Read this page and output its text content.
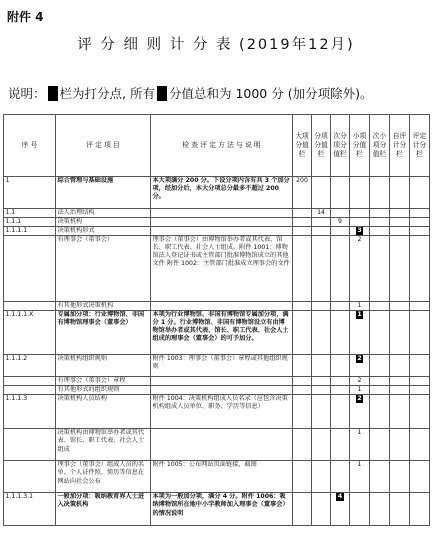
附件 4
评 分 细 则 计 分 表 (2019年12月)
说明： 栏为打分点, 所有 分值总和为 1000 分 (加分项除外)。
序 号	评 定 项 目	检 查 评 定 方 法 与 说 明	大项分值栏	分项分值栏	次分项分值栏	小项分值栏	次小项分值栏	自评计分栏	评定计分栏
1	综合管理与基础设施	本大项满分 200 分。下设分项内含有共 3 个加分项，经加分后，本大分项总分最多不超过 200 分。	200						
1.1	法人治理结构			14					
1.1.1	决策机构				9				
1.1.1.1	决策机构形式					3			
	有理事会（董事会）	理事会（董事会）由博物馆举办者或其代表、馆长、职工代表、社会人士组成。附件 1001：博物馆法人登记证书或主管部门批准博物馆成立的其他文件 附件 1002：主管部门批准成立理事会的文件				2			
	有其他形式决策机构					1			
1.1.1.1.X	专属加分项：行业博物馆、非国有博物馆理事会（董事会）	本项为行业博物馆、非国有博物馆专属加分项，满分 1 分。行业博物馆、非国有博物馆设立有由博物馆举办者或其代表、馆长、职工代表、社会人士组成的理事会（董事会）的可予加分。				1			
1.1.1.2	决策机构组织规则	附件 1003：理事会（董事会）章程或其他组织规则				2			
	有理事会（董事会）章程					2			
	有其他形式的组织规则					1			
1.1.1.3	决策机构人员结构	附件 1004：决策机构组成人员名录（应包含决策机构组成人员单位、职务、学历等信息）				2			
	决策机构由博物馆举办者或其代表、馆长、职工代表、社会人士组成					1			
	理事会（董事会）组成人员的名单、个人证件照、简历等信息在网站向社会公布	附件 1005：公布网站页面链接、截图				1			
1.1.1.3.1	一般加分项：吸纳教育界人士进入决策机构	本项为一般加分项，满分 4 分。附件 1006：吸纳博物馆所在地中小学教师加入理事会（董事会）的情况说明			4				
